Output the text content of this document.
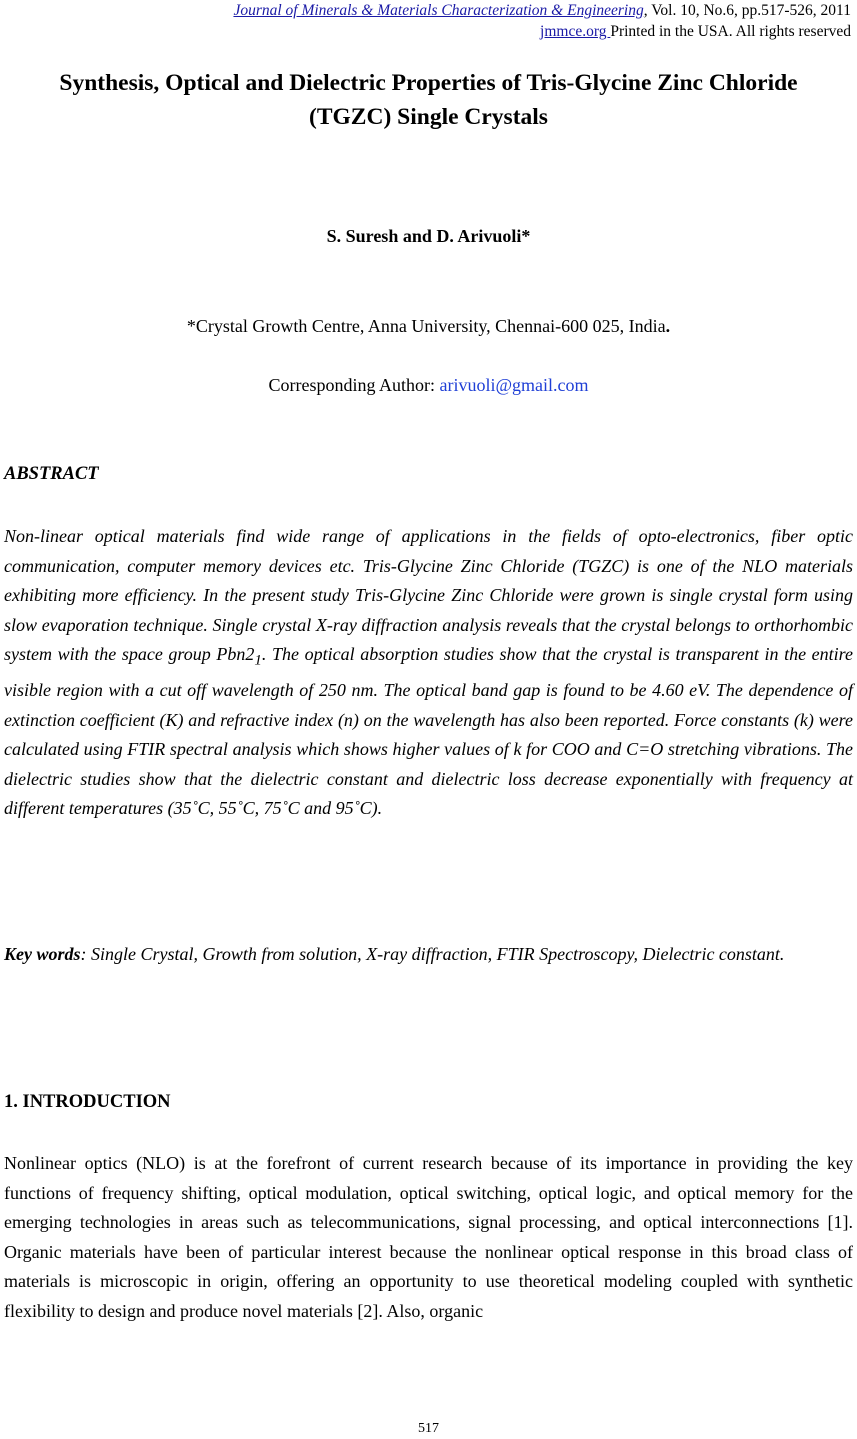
Journal of Minerals & Materials Characterization & Engineering, Vol. 10, No.6, pp.517-526, 2011
jmmce.org Printed in the USA. All rights reserved
Synthesis, Optical and Dielectric Properties of Tris-Glycine Zinc Chloride
(TGZC) Single Crystals
S. Suresh and D. Arivuoli*
*Crystal Growth Centre, Anna University, Chennai-600 025, India.
Corresponding Author: arivuoli@gmail.com
ABSTRACT

Non-linear optical materials find wide range of applications in the fields of opto-electronics, fiber optic communication, computer memory devices etc. Tris-Glycine Zinc Chloride (TGZC) is one of the NLO materials exhibiting more efficiency. In the present study Tris-Glycine Zinc Chloride were grown is single crystal form using slow evaporation technique. Single crystal X-ray diffraction analysis reveals that the crystal belongs to orthorhombic system with the space group $Pbn2_1$. The optical absorption studies show that the crystal is transparent in the entire visible region with a cut off wavelength of 250 nm. The optical band gap is found to be 4.60 eV. The dependence of extinction coefficient (K) and refractive index (n) on the wavelength has also been reported. Force constants (k) were calculated using FTIR spectral analysis which shows higher values of k for COO and C=O stretching vibrations. The dielectric studies show that the dielectric constant and dielectric loss decrease exponentially with frequency at different temperatures (35˚C, 55˚C, 75˚C and 95˚C).

Key words: Single Crystal, Growth from solution, X-ray diffraction, FTIR Spectroscopy, Dielectric constant.

1. INTRODUCTION

Nonlinear optics (NLO) is at the forefront of current research because of its importance in providing the key functions of frequency shifting, optical modulation, optical switching, optical logic, and optical memory for the emerging technologies in areas such as telecommunications, signal processing, and optical interconnections [1]. Organic materials have been of particular interest because the nonlinear optical response in this broad class of materials is microscopic in origin, offering an opportunity to use theoretical modeling coupled with synthetic flexibility to design and produce novel materials [2]. Also, organic

517
